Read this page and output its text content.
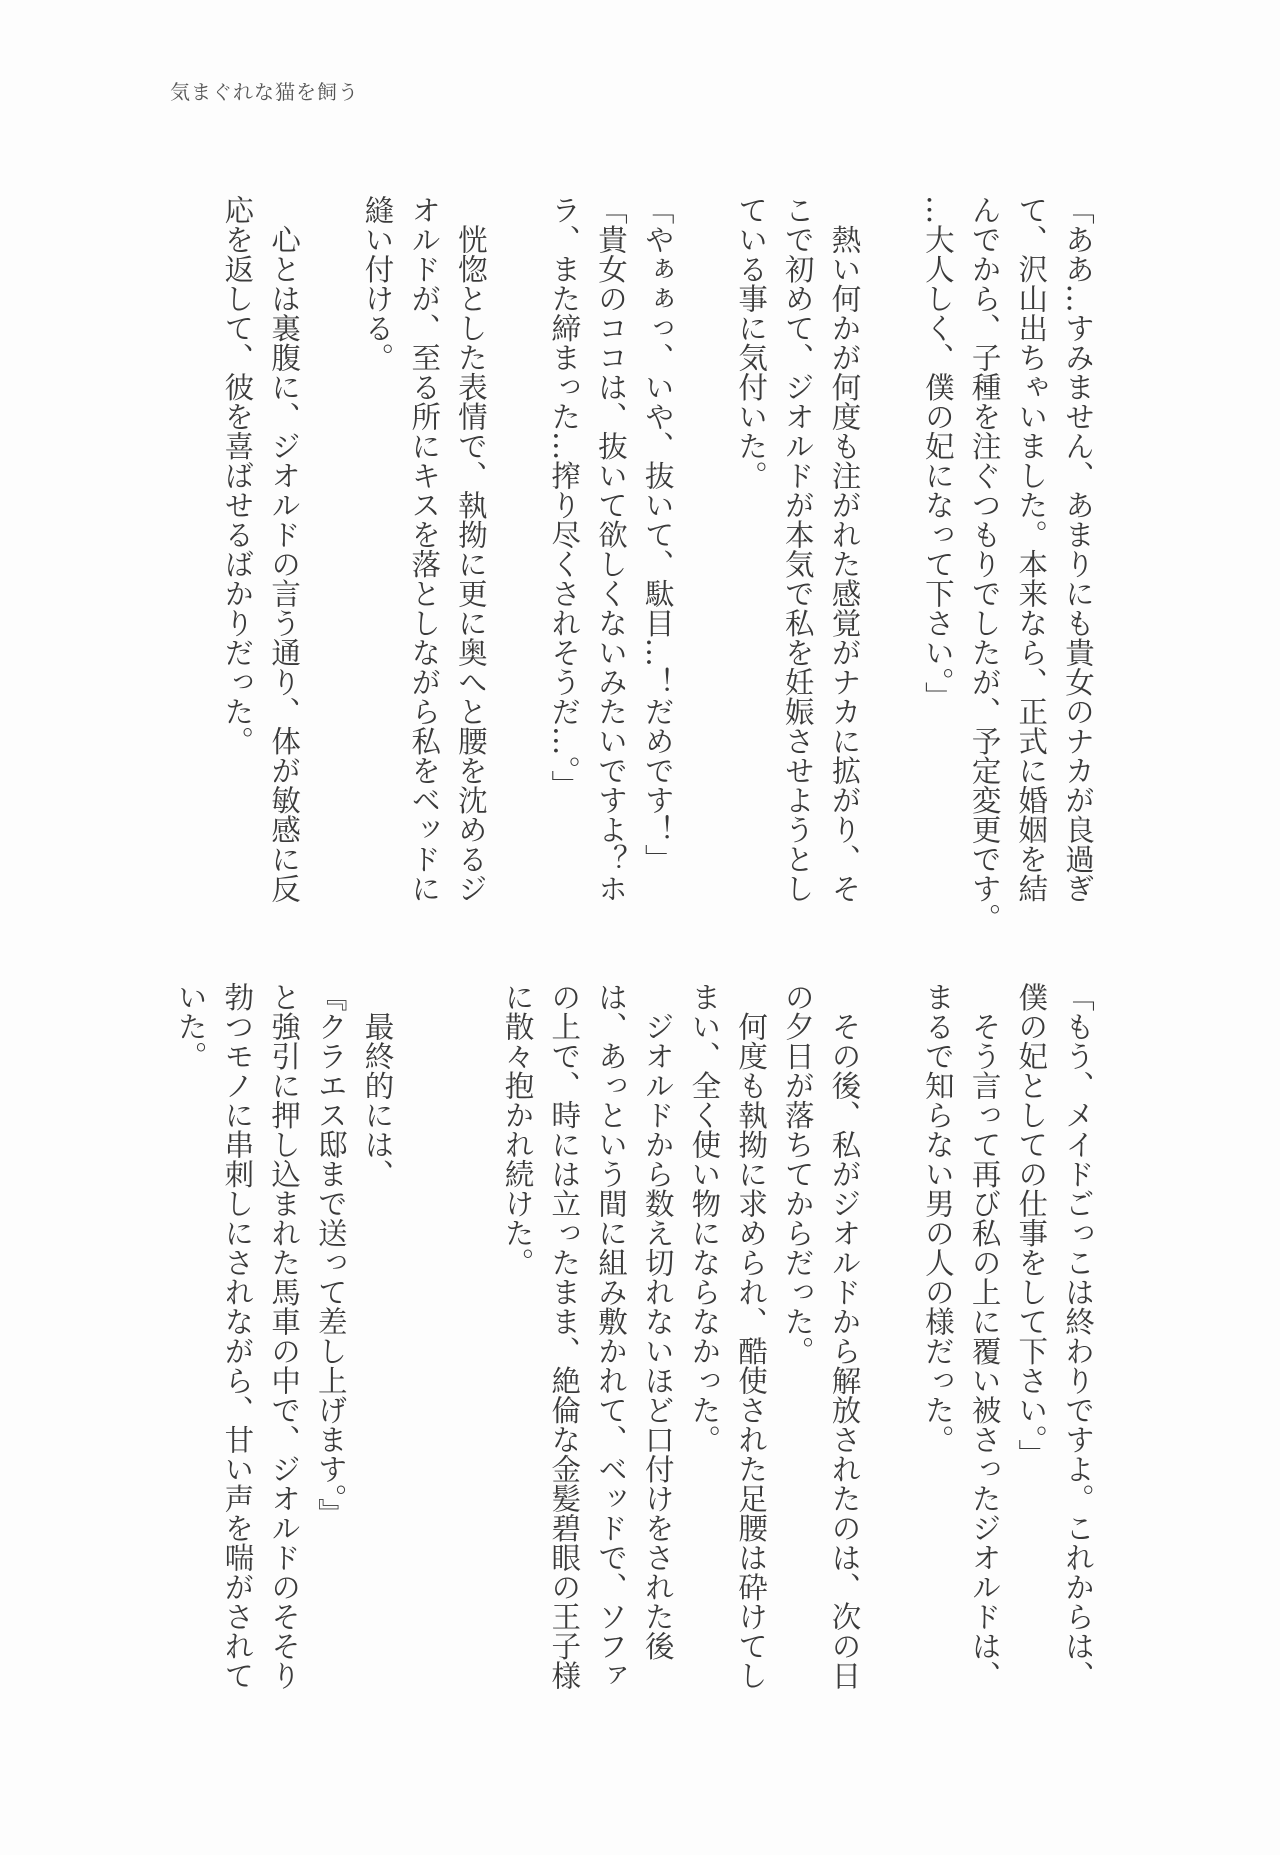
気まぐれな猫を飼う
「ああ…すみません、あまりにも貴女のナカが良過ぎ
て、沢山出ちゃいました。本来なら、正式に婚姻を結
んでから、子種を注ぐつもりでしたが、予定変更です。
…大人しく、僕の妃になって下さい。」
　熱い何かが何度も注がれた感覚がナカに拡がり、そ
こで初めて、ジオルドが本気で私を妊娠させようとし
ている事に気付いた。
「やぁぁっ、いや、抜いて、駄目…！だめです！」
「貴女のココは、抜いて欲しくないみたいですよ？ホ
ラ、また締まった…搾り尽くされそうだ…。」
　恍惚とした表情で、執拗に更に奥へと腰を沈めるジ
オルドが、至る所にキスを落としながら私をベッドに
縫い付ける。
　心とは裏腹に、ジオルドの言う通り、体が敏感に反
応を返して、彼を喜ばせるばかりだった。
「もう、メイドごっこは終わりですよ。これからは、
僕の妃としての仕事をして下さい。」
　そう言って再び私の上に覆い被さったジオルドは、
まるで知らない男の人の様だった。
　その後、私がジオルドから解放されたのは、次の日
の夕日が落ちてからだった。
　何度も執拗に求められ、酷使された足腰は砕けてし
まい、全く使い物にならなかった。
　ジオルドから数え切れないほど口付けをされた後
は、あっという間に組み敷かれて、ベッドで、ソファ
の上で、時には立ったまま、絶倫な金髪碧眼の王子様
に散々抱かれ続けた。
　最終的には、
『クラエス邸まで送って差し上げます。』
と強引に押し込まれた馬車の中で、ジオルドのそそり
勃つモノに串刺しにされながら、甘い声を喘がされて
いた。
